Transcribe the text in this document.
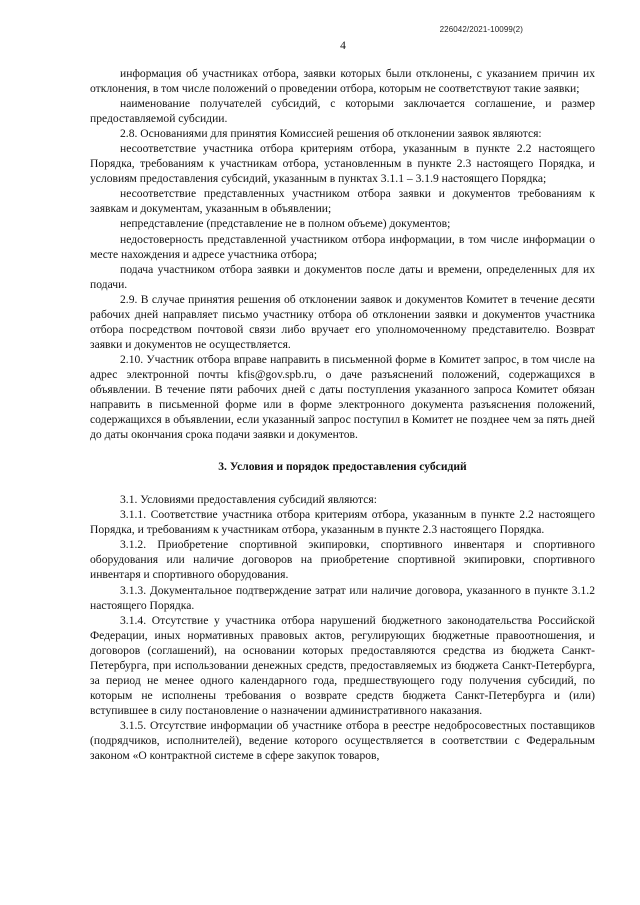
226042/2021-10099(2)
4

информация об участниках отбора, заявки которых были отклонены, с указанием причин их отклонения, в том числе положений о проведении отбора, которым не соответствуют такие заявки;

наименование получателей субсидий, с которыми заключается соглашение, и размер предоставляемой субсидии.

2.8. Основаниями для принятия Комиссией решения об отклонении заявок являются:

несоответствие участника отбора критериям отбора, указанным в пункте 2.2 настоящего Порядка, требованиям к участникам отбора, установленным в пункте 2.3 настоящего Порядка, и условиям предоставления субсидий, указанным в пунктах 3.1.1 – 3.1.9 настоящего Порядка;

несоответствие представленных участником отбора заявки и документов требованиям к заявкам и документам, указанным в объявлении;

непредставление (представление не в полном объеме) документов;

недостоверность представленной участником отбора информации, в том числе информации о месте нахождения и адресе участника отбора;

подача участником отбора заявки и документов после даты и времени, определенных для их подачи.

2.9. В случае принятия решения об отклонении заявок и документов Комитет в течение десяти рабочих дней направляет письмо участнику отбора об отклонении заявки и документов участника отбора посредством почтовой связи либо вручает его уполномоченному представителю. Возврат заявки и документов не осуществляется.

2.10. Участник отбора вправе направить в письменной форме в Комитет запрос, в том числе на адрес электронной почты kfis@gov.spb.ru, о даче разъяснений положений, содержащихся в объявлении. В течение пяти рабочих дней с даты поступления указанного запроса Комитет обязан направить в письменной форме или в форме электронного документа разъяснения положений, содержащихся в объявлении, если указанный запрос поступил в Комитет не позднее чем за пять дней до даты окончания срока подачи заявки и документов.

3. Условия и порядок предоставления субсидий

3.1. Условиями предоставления субсидий являются:

3.1.1. Соответствие участника отбора критериям отбора, указанным в пункте 2.2 настоящего Порядка, и требованиям к участникам отбора, указанным в пункте 2.3 настоящего Порядка.

3.1.2. Приобретение спортивной экипировки, спортивного инвентаря и спортивного оборудования или наличие договоров на приобретение спортивной экипировки, спортивного инвентаря и спортивного оборудования.

3.1.3. Документальное подтверждение затрат или наличие договора, указанного в пункте 3.1.2 настоящего Порядка.

3.1.4. Отсутствие у участника отбора нарушений бюджетного законодательства Российской Федерации, иных нормативных правовых актов, регулирующих бюджетные правоотношения, и договоров (соглашений), на основании которых предоставляются средства из бюджета Санкт-Петербурга, при использовании денежных средств, предоставляемых из бюджета Санкт-Петербурга, за период не менее одного календарного года, предшествующего году получения субсидий, по которым не исполнены требования о возврате средств бюджета Санкт-Петербурга и (или) вступившее в силу постановление о назначении административного наказания.

3.1.5. Отсутствие информации об участнике отбора в реестре недобросовестных поставщиков (подрядчиков, исполнителей), ведение которого осуществляется в соответствии с Федеральным законом «О контрактной системе в сфере закупок товаров,
